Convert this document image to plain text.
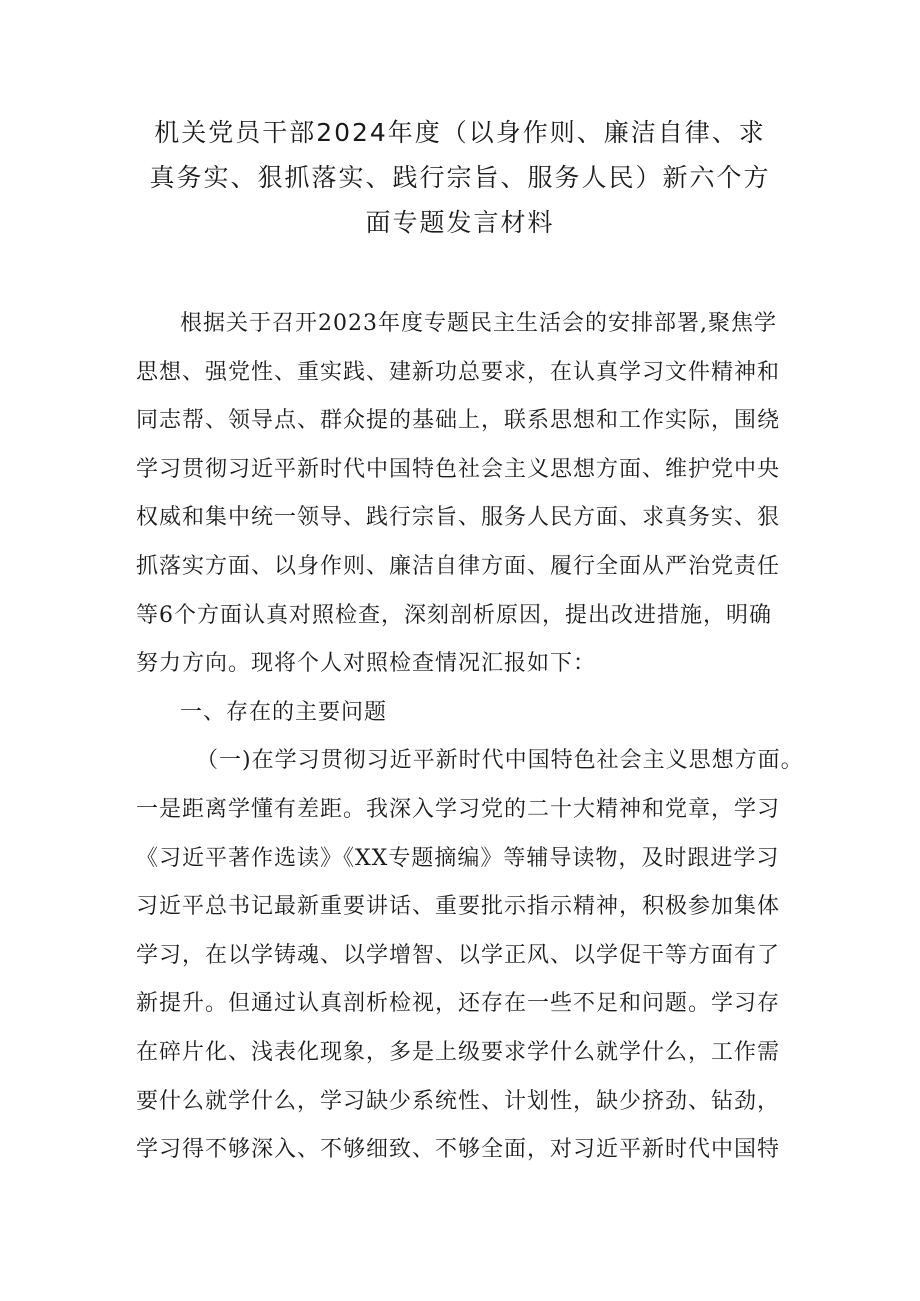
机关党员干部2024年度（以身作则、廉洁自律、求
真务实、狠抓落实、践行宗旨、服务人民）新六个方
面专题发言材料
根据关于召开2023年度专题民主生活会的安排部署,聚焦学
思想、强党性、重实践、建新功总要求，在认真学习文件精神和
同志帮、领导点、群众提的基础上，联系思想和工作实际，围绕
学习贯彻习近平新时代中国特色社会主义思想方面、维护党中央
权威和集中统一领导、践行宗旨、服务人民方面、求真务实、狠
抓落实方面、以身作则、廉洁自律方面、履行全面从严治党责任
等6个方面认真对照检查，深刻剖析原因，提出改进措施，明确
努力方向。现将个人对照检查情况汇报如下：
一、存在的主要问题
（一)在学习贯彻习近平新时代中国特色社会主义思想方面。
一是距离学懂有差距。我深入学习党的二十大精神和党章，学习
《习近平著作选读》《XX专题摘编》等辅导读物，及时跟进学习
习近平总书记最新重要讲话、重要批示指示精神，积极参加集体
学习，在以学铸魂、以学增智、以学正风、以学促干等方面有了
新提升。但通过认真剖析检视，还存在一些不足和问题。学习存
在碎片化、浅表化现象，多是上级要求学什么就学什么，工作需
要什么就学什么，学习缺少系统性、计划性，缺少挤劲、钻劲，
学习得不够深入、不够细致、不够全面，对习近平新时代中国特
